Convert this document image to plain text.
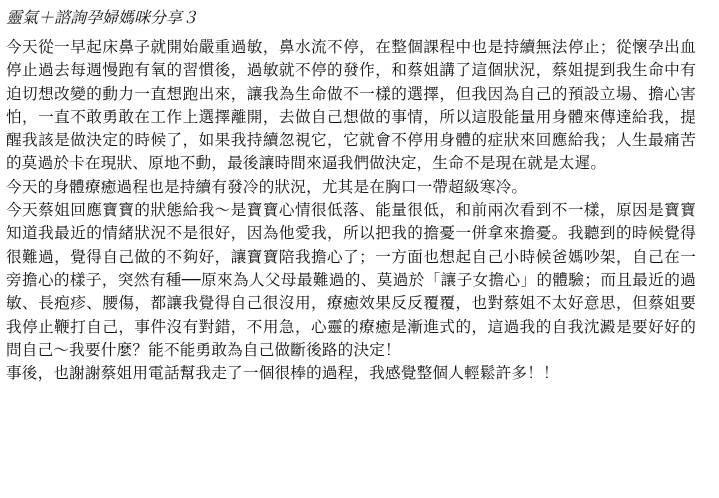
靈氣＋諮詢孕婦媽咪分享３

今天從一早起床鼻子就開始嚴重過敏，鼻水流不停，在整個課程中也是持續無法停止；從懷孕出血停止過去每週慢跑有氧的習慣後，過敏就不停的發作，和蔡姐講了這個狀況，蔡姐提到我生命中有迫切想改變的動力一直想跑出來，讓我為生命做不一樣的選擇，但我因為自己的預設立場、擔心害怕，一直不敢勇敢在工作上選擇離開，去做自己想做的事情，所以這股能量用身體來傳達給我，提醒我該是做決定的時候了，如果我持續忽視它，它就會不停用身體的症狀來回應給我；人生最痛苦的莫過於卡在現狀、原地不動，最後讓時間來逼我們做決定，生命不是現在就是太遲。

今天的身體療癒過程也是持續有發冷的狀況，尤其是在胸口一帶超級寒冷。

今天蔡姐回應寶寶的狀態給我～是寶寶心情很低落、能量很低，和前兩次看到不一樣，原因是寶寶知道我最近的情緒狀況不是很好，因為他愛我，所以把我的擔憂一併拿來擔憂。我聽到的時候覺得很難過，覺得自己做的不夠好，讓寶寶陪我擔心了；一方面也想起自己小時候爸媽吵架，自己在一旁擔心的樣子，突然有種──原來為人父母最難過的、莫過於「讓子女擔心」的體驗；而且最近的過敏、長疱疹、腰傷，都讓我覺得自己很沒用，療癒效果反反覆覆，也對蔡姐不太好意思，但蔡姐要我停止鞭打自己，事件沒有對錯，不用急，心靈的療癒是漸進式的，這過我的自我沈澱是要好好的問自己～我要什麼？能不能勇敢為自己做斷後路的決定！

事後，也謝謝蔡姐用電話幫我走了一個很棒的過程，我感覺整個人輕鬆許多！！
